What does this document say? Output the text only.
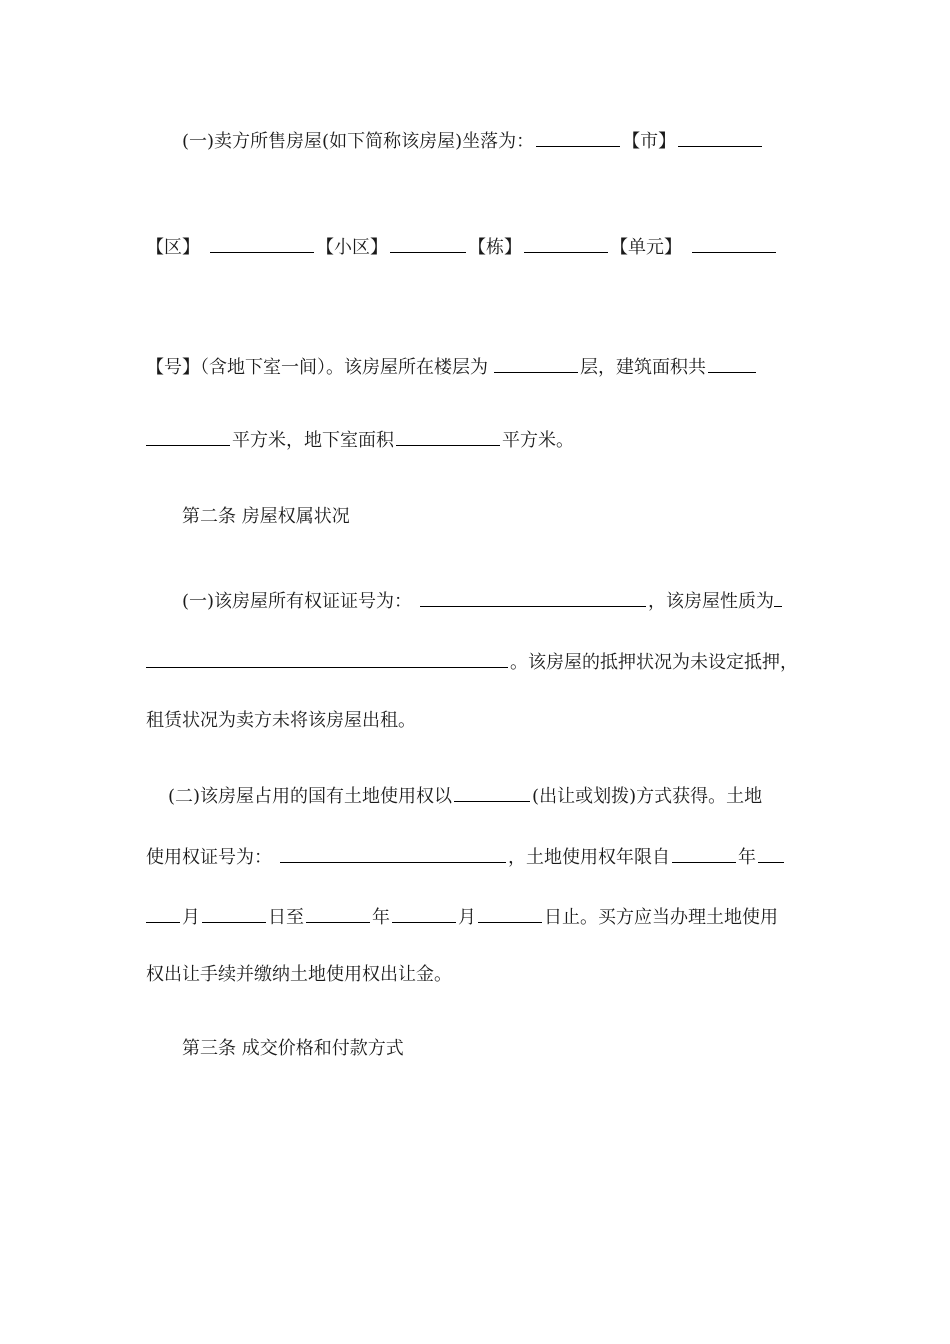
(一)卖方所售房屋(如下简称该房屋)坐落为：	【市】
【区】	【小区】	【栋】	【单元】
【号】（含地下室一间）。该房屋所在楼层为	层，建筑面积共
平方米，地下室面积	平方米。
第二条 房屋权属状况
(一)该房屋所有权证证号为：	，该房屋性质为
。该房屋的抵押状况为未设定抵押，
租赁状况为卖方未将该房屋出租。
(二)该房屋占用的国有土地使用权以	(出让或划拨)方式获得。土地
使用权证号为：	，土地使用权年限自	年
月	日至	年	月	日止。买方应当办理土地使用
权出让手续并缴纳土地使用权出让金。
第三条 成交价格和付款方式
